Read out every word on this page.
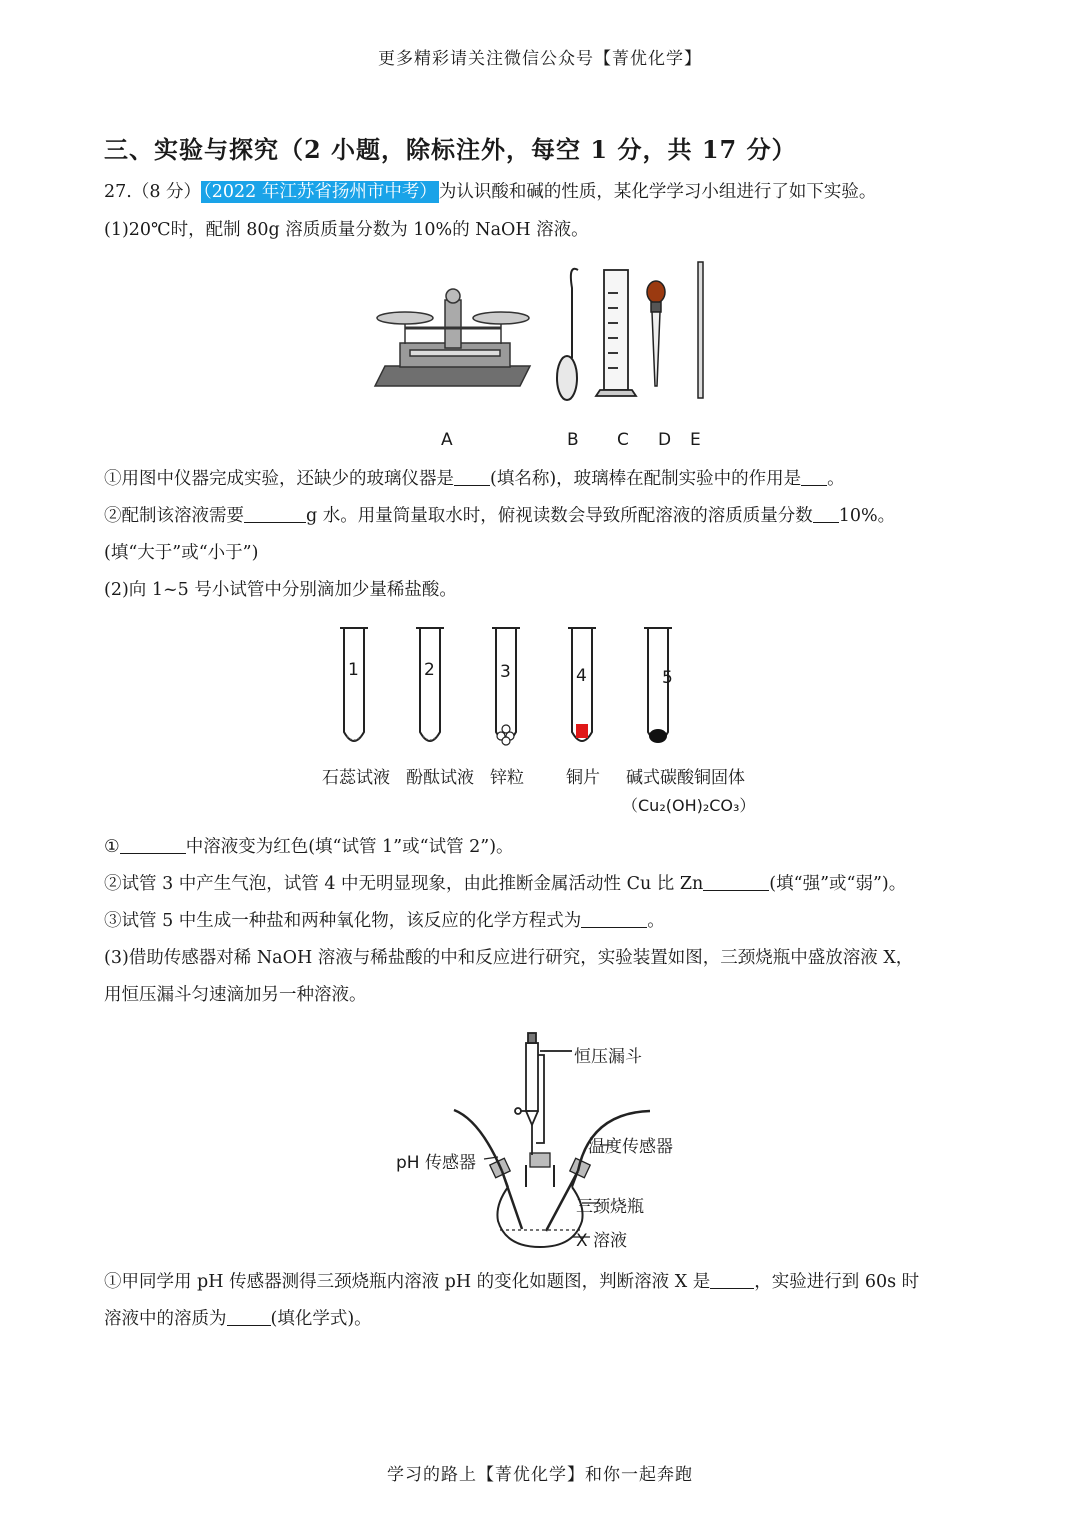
更多精彩请关注微信公众号【菁优化学】
三、实验与探究（2 小题，除标注外，每空 1 分，共 17 分）
27.（8 分） （2022 年江苏省扬州市中考） 为认识酸和碱的性质，某化学学习小组进行了如下实验。
(1)20℃时，配制 80g 溶质质量分数为 10%的 NaOH 溶液。
A	B C D E
①用图中仪器完成实验，还缺少的玻璃仪器是 (填名称)，玻璃棒在配制实验中的作用是 。
②配制该溶液需要	g 水。用量筒量取水时，俯视读数会导致所配溶液的溶质质量分数 10%。
(填“大于”或“小于”)
(2)向 1~5 号小试管中分别滴加少量稀盐酸。
1	2	3	4	5
石蕊试液 酚酞试液 锌粒 铜片 碱式碳酸铜固体
（Cu₂(OH)₂CO₃）
①	中溶液变为红色(填“试管 1”或“试管 2”)。
②试管 3 中产生气泡，试管 4 中无明显现象，由此推断金属活动性 Cu 比 Zn	(填“强”或“弱”)。
③试管 5 中生成一种盐和两种氧化物，该反应的化学方程式为	。
(3)借助传感器对稀 NaOH 溶液与稀盐酸的中和反应进行研究，实验装置如图，三颈烧瓶中盛放溶液 X，
用恒压漏斗匀速滴加另一种溶液。
恒压漏斗
温度传感器
pH 传感器
三颈烧瓶
X 溶液
①甲同学用 pH 传感器测得三颈烧瓶内溶液 pH 的变化如题图，判断溶液 X 是	，实验进行到 60s 时
溶液中的溶质为	(填化学式)。
学习的路上【菁优化学】和你一起奔跑
